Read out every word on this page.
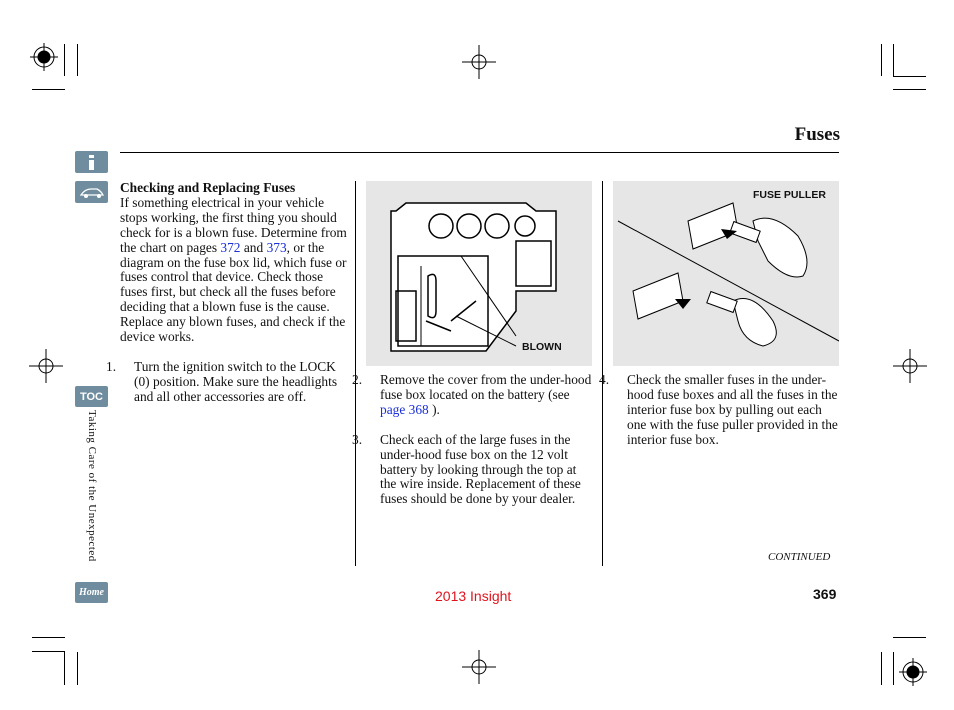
Fuses
TOC
Taking Care of the Unexpected
Home

Checking and Replacing Fuses

If something electrical in your vehicle stops working, the first thing you should check for is a blown fuse. Determine from the chart on pages 372 and 373, or the diagram on the fuse box lid, which fuse or fuses control that device. Check those fuses first, but check all the fuses before deciding that a blown fuse is the cause. Replace any blown fuses, and check if the device works.

1. Turn the ignition switch to the LOCK (0) position. Make sure the headlights and all other accessories are off.

BLOWN

2. Remove the cover from the under-hood fuse box located on the battery (see page 368 ).

3. Check each of the large fuses in the under-hood fuse box on the 12 volt battery by looking through the top at the wire inside. Replacement of these fuses should be done by your dealer.

FUSE PULLER

4. Check the smaller fuses in the under-hood fuse boxes and all the fuses in the interior fuse box by pulling out each one with the fuse puller provided in the interior fuse box.

CONTINUED
2013 Insight	369
